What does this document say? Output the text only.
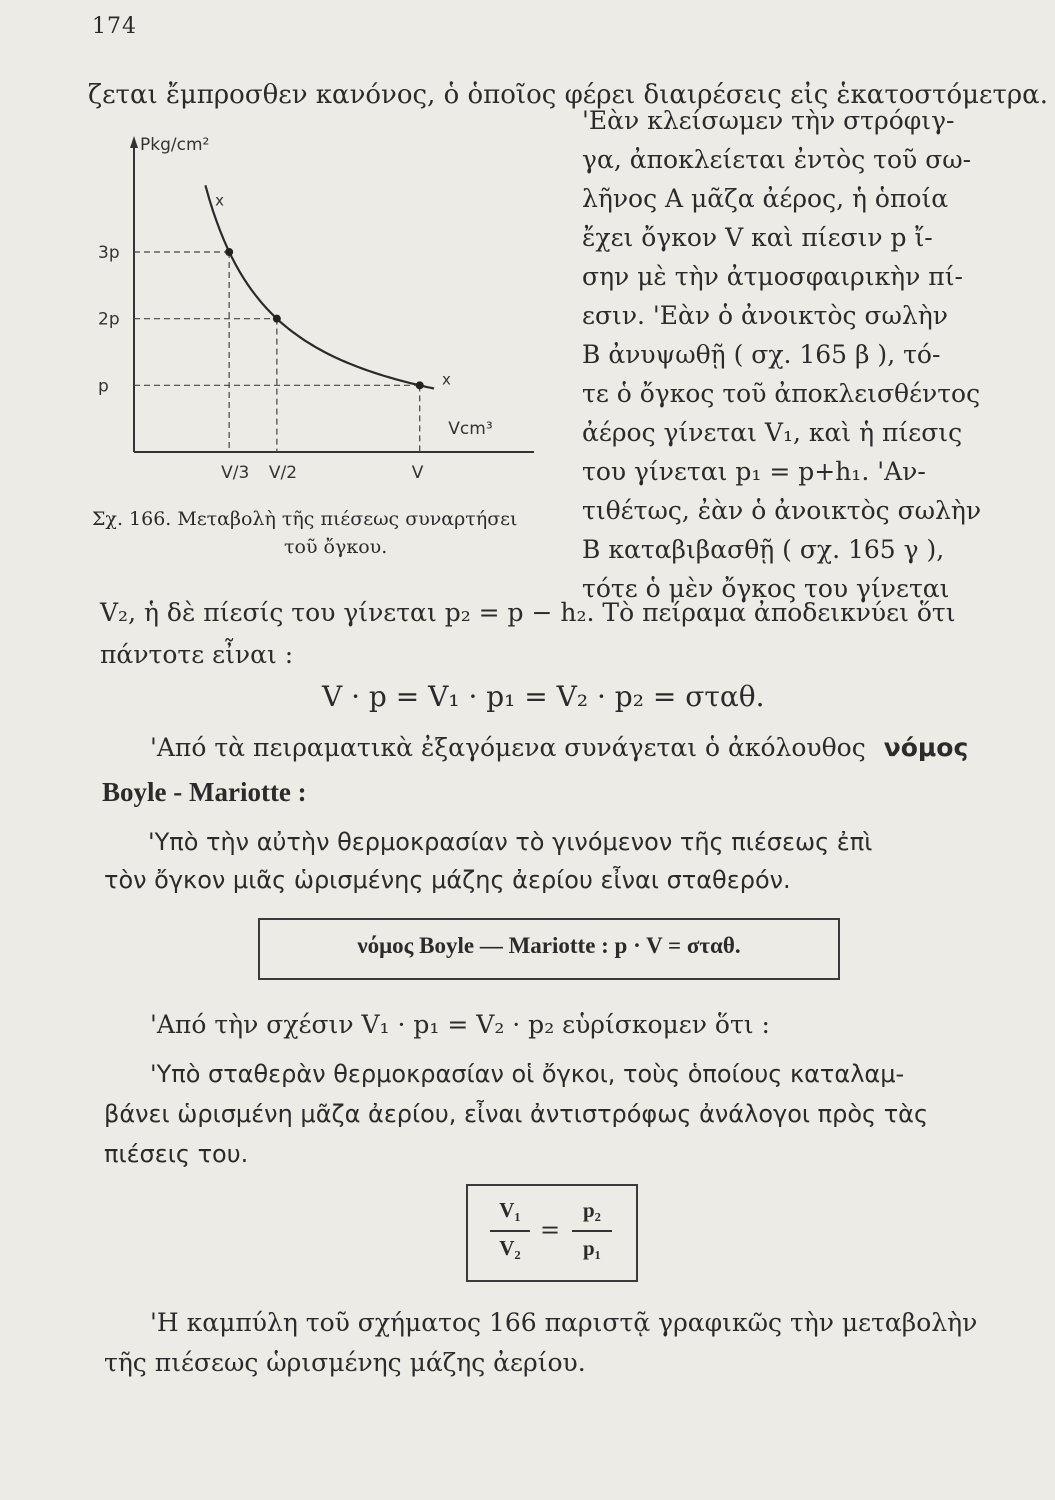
174
ζεται ἔμπροσθεν κανόνος, ὁ ὁποῖος φέρει διαιρέσεις εἰς ἑκατοστόμετρα.
Pkg/cm²
Vcm³
3p
V/3
2p
V/2
p
V
x
x
Σχ. 166. Μεταβολὴ τῆς πιέσεως συναρτήσει
τοῦ ὄγκου.
'Εὰν κλείσωμεν τὴν στρόφιγ-
γα, ἀποκλείεται ἐντὸς τοῦ σω-
λῆνος Α μᾶζα ἀέρος, ἡ ὁποία
ἔχει ὄγκον V καὶ πίεσιν p ἴ-
σην μὲ τὴν ἀτμοσφαιρικὴν πί-
εσιν. 'Εὰν ὁ ἀνοικτὸς σωλὴν
Β ἀνυψωθῇ ( σχ. 165 β ), τό-
τε ὁ ὄγκος τοῦ ἀποκλεισθέντος
ἀέρος γίνεται V₁, καὶ ἡ πίεσις
του γίνεται p₁ = p+h₁. 'Αν-
τιθέτως, ἐὰν ὁ ἀνοικτὸς σωλὴν
Β καταβιβασθῇ ( σχ. 165 γ ),
τότε ὁ μὲν ὄγκος του γίνεται
V₂, ἡ δὲ πίεσίς του γίνεται p₂ = p − h₂. Τὸ πείραμα ἀποδεικνύει ὅτι
πάντοτε εἶναι :
V · p = V₁ · p₁ = V₂ · p₂ = σταθ.
'Από τὰ πειραματικὰ ἐξαγόμενα συνάγεται ὁ ἀκόλουθος νόμος
Boyle - Mariotte :
'Υπὸ τὴν αὐτὴν θερμοκρασίαν τὸ γινόμενον τῆς πιέσεως ἐπὶ
τὸν ὄγκον μιᾶς ὡρισμένης μάζης ἀερίου εἶναι σταθερόν.
νόμος Boyle — Mariotte : p · V = σταθ.
'Από τὴν σχέσιν V₁ · p₁ = V₂ · p₂ εὑρίσκομεν ὅτι :
'Υπὸ σταθερὰν θερμοκρασίαν οἱ ὄγκοι, τοὺς ὁποίους καταλαμ-
βάνει ὡρισμένη μᾶζα ἀερίου, εἶναι ἀντιστρόφως ἀνάλογοι πρὸς τὰς
πιέσεις του.
V₁
V₂
=
p₂
p₁
'Η καμπύλη τοῦ σχήματος 166 παριστᾷ γραφικῶς τὴν μεταβολὴν
τῆς πιέσεως ὡρισμένης μάζης ἀερίου.
